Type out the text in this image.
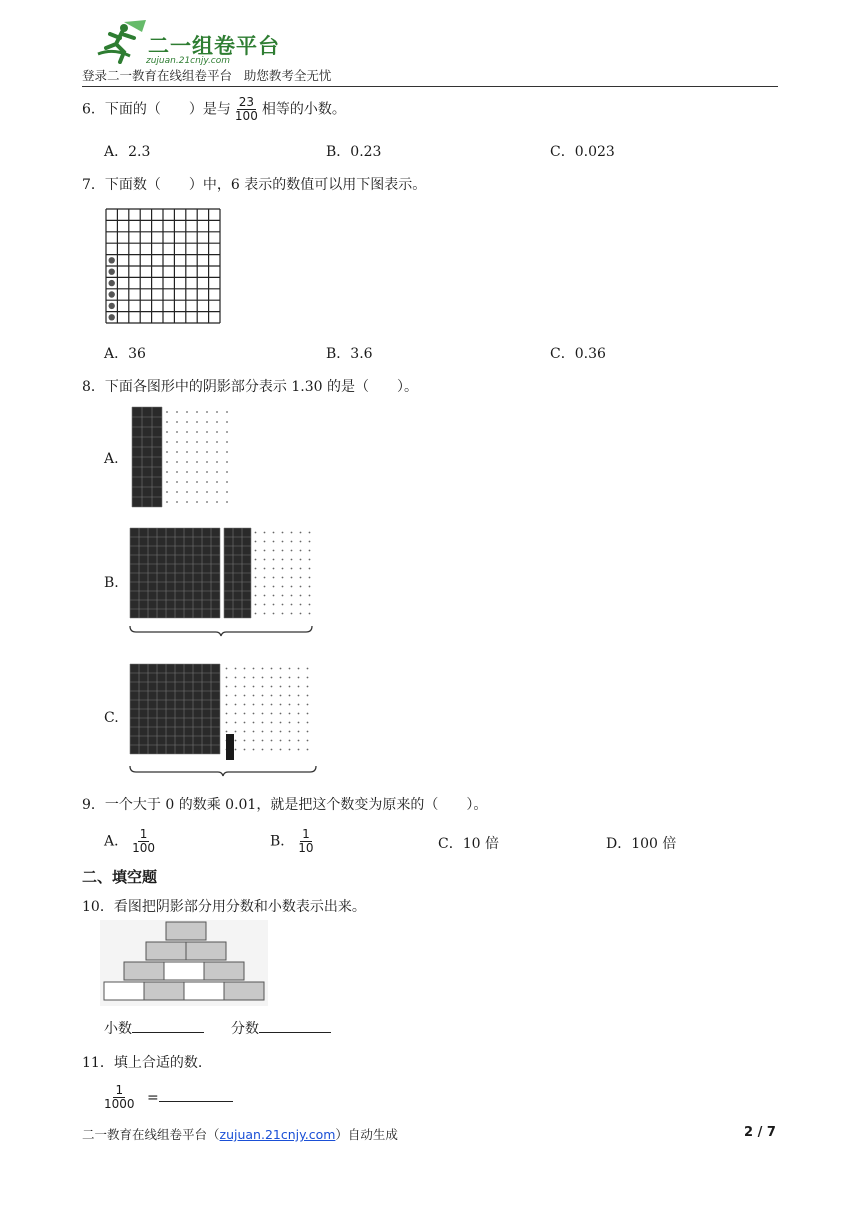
二一组卷平台
zujuan.21cnjy.com
登录二一教育在线组卷平台   助您教考全无忧
6．下面的（　　）是与 $\frac{23}{100}$ 相等的小数。
A．2.3	B．0.23	C．0.023
7．下面数（　　）中，6 表示的数值可以用下图表示。
A．36	B．3.6	C．0.36
8．下面各图形中的阴影部分表示 1.30 的是（　　）。
A.
B.
C.
9．一个大于 0 的数乘 0.01，就是把这个数变为原来的（　　）。
A． $\frac{1}{100}$	B． $\frac{1}{10}$	C．10 倍	D．100 倍
二、填空题
10．看图把阴影部分用分数和小数表示出来。
小数	分数
11．填上合适的数.
$\frac{1}{1000}$ =
二一教育在线组卷平台（zujuan.21cnjy.com）自动生成	2 / 7
